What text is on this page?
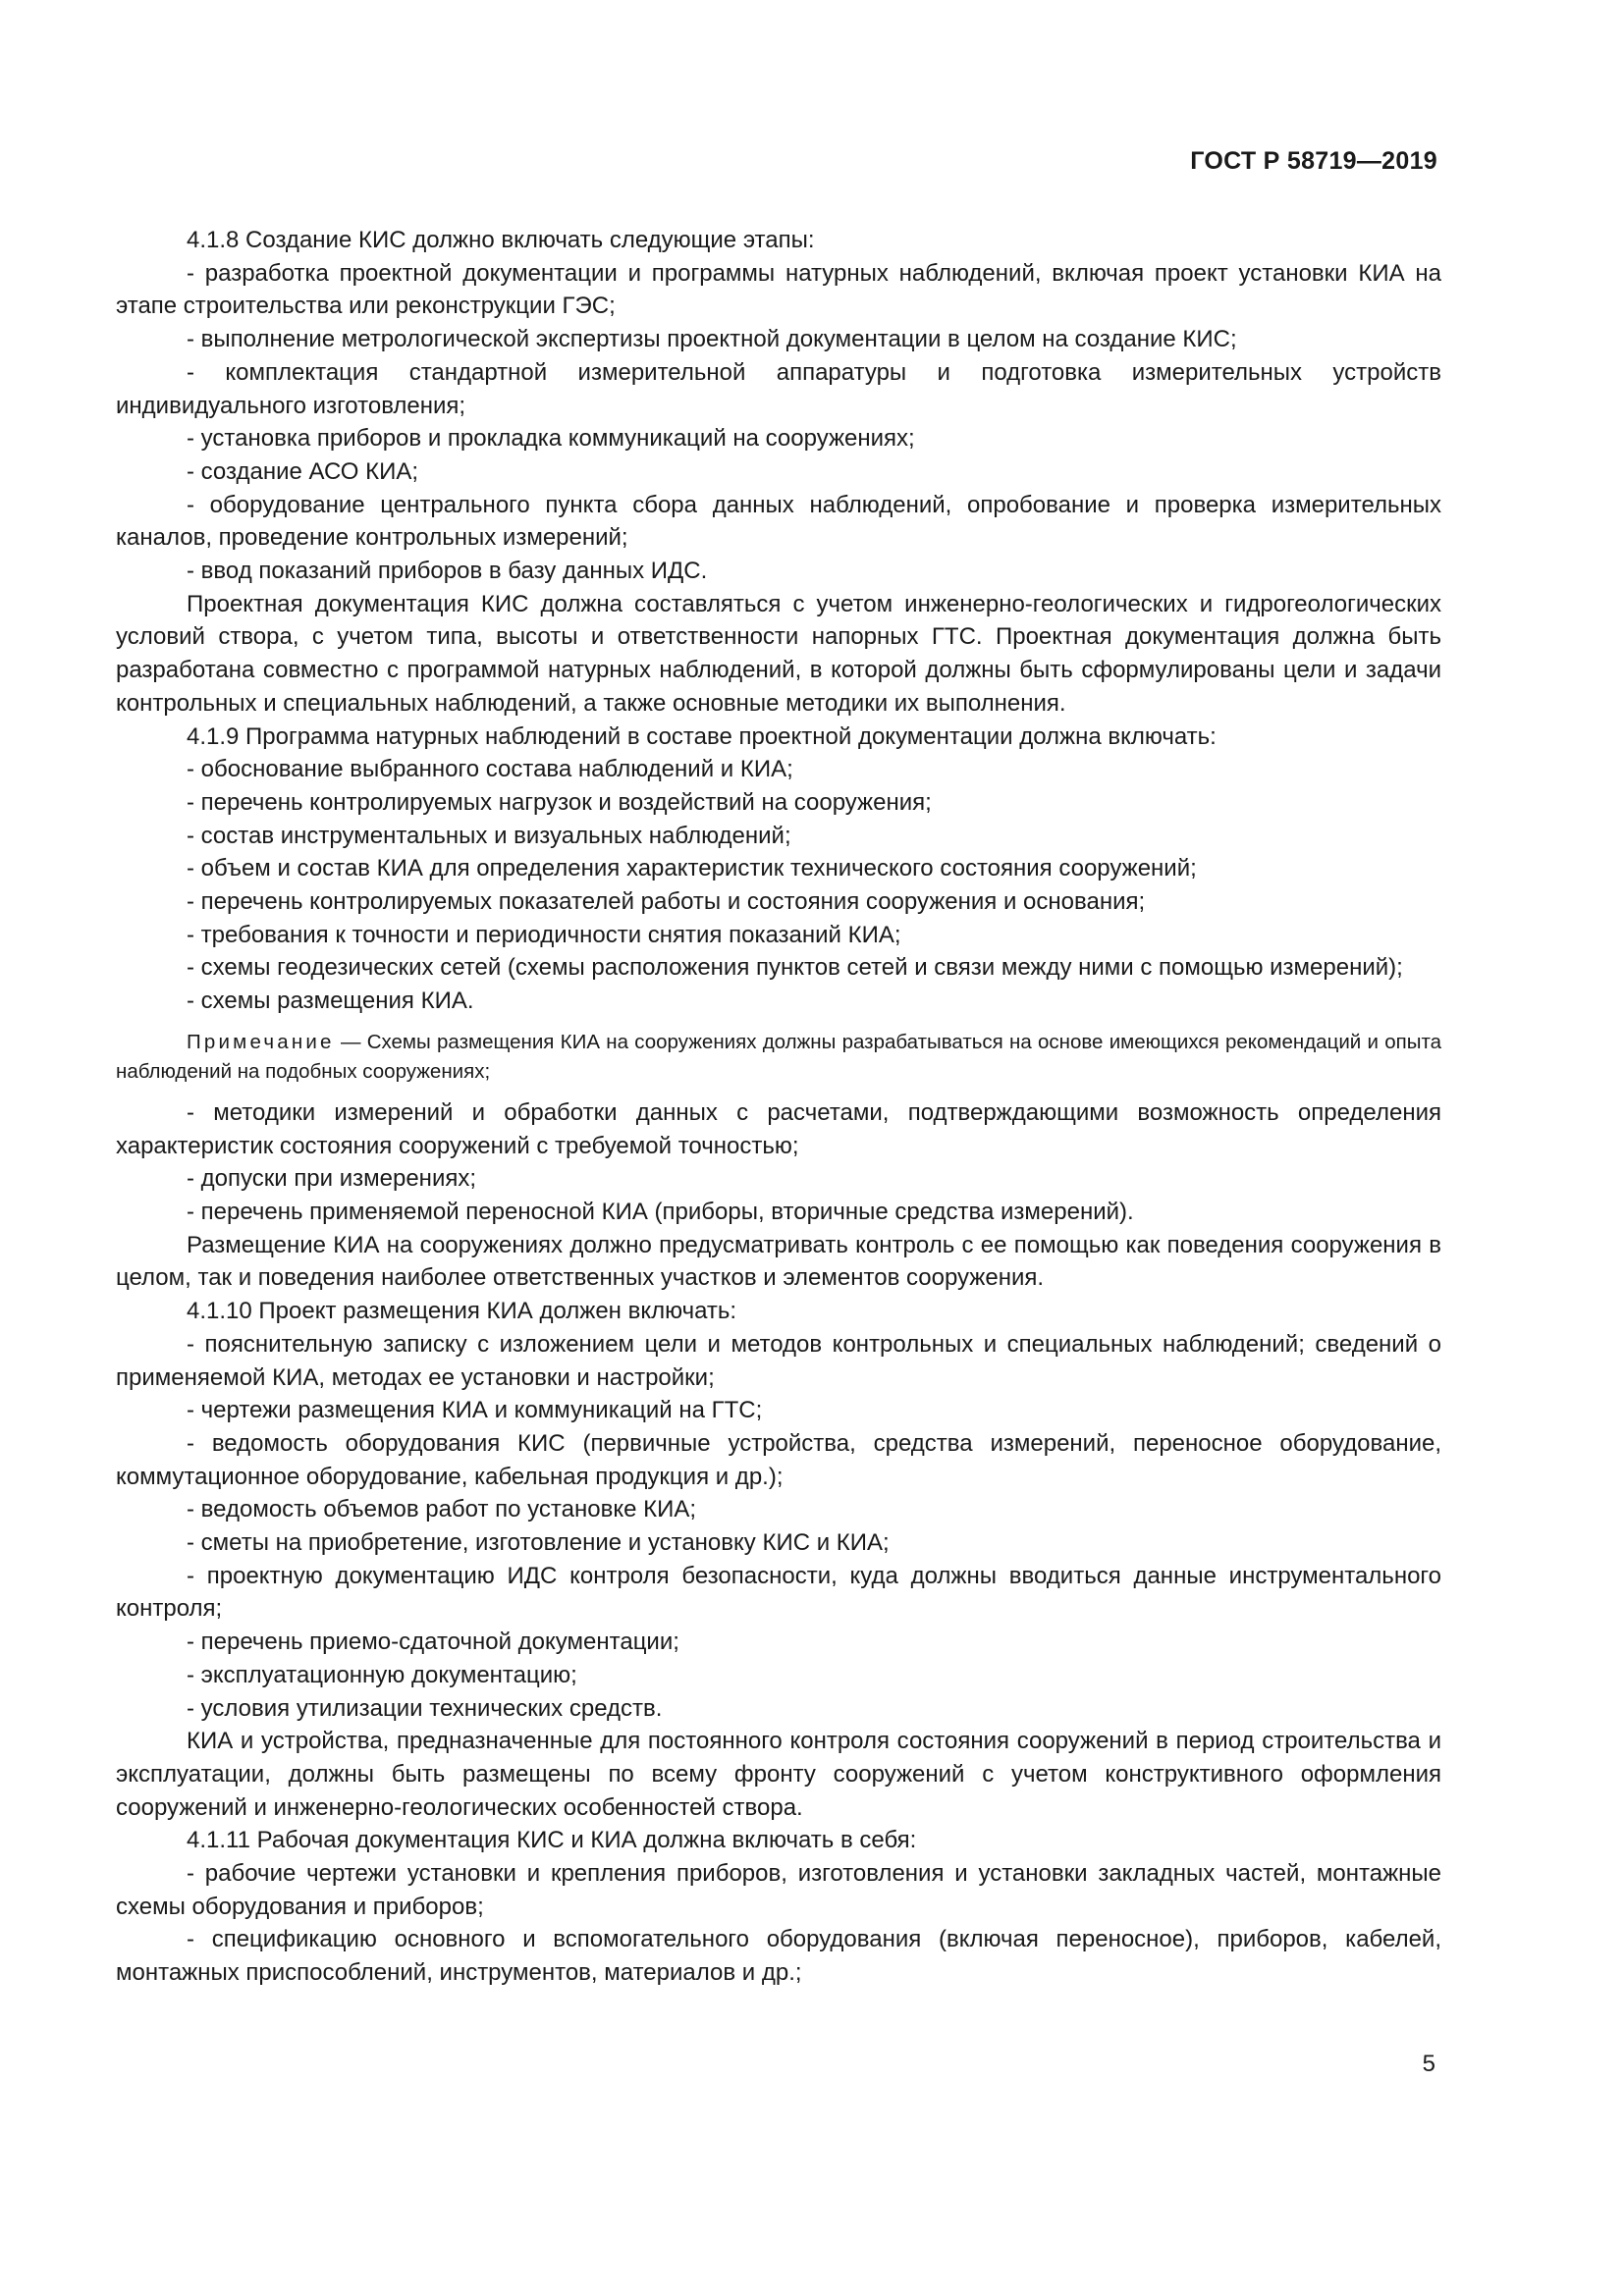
ГОСТ Р 58719—2019
4.1.8 Создание КИС должно включать следующие этапы:
- разработка проектной документации и программы натурных наблюдений, включая проект установки КИА на этапе строительства или реконструкции ГЭС;
- выполнение метрологической экспертизы проектной документации в целом на создание КИС;
- комплектация стандартной измерительной аппаратуры и подготовка измерительных устройств индивидуального изготовления;
- установка приборов и прокладка коммуникаций на сооружениях;
- создание АСО КИА;
- оборудование центрального пункта сбора данных наблюдений, опробование и проверка измерительных каналов, проведение контрольных измерений;
- ввод показаний приборов в базу данных ИДС.
Проектная документация КИС должна составляться с учетом инженерно-геологических и гидрогеологических условий створа, с учетом типа, высоты и ответственности напорных ГТС. Проектная документация должна быть разработана совместно с программой натурных наблюдений, в которой должны быть сформулированы цели и задачи контрольных и специальных наблюдений, а также основные методики их выполнения.
4.1.9 Программа натурных наблюдений в составе проектной документации должна включать:
- обоснование выбранного состава наблюдений и КИА;
- перечень контролируемых нагрузок и воздействий на сооружения;
- состав инструментальных и визуальных наблюдений;
- объем и состав КИА для определения характеристик технического состояния сооружений;
- перечень контролируемых показателей работы и состояния сооружения и основания;
- требования к точности и периодичности снятия показаний КИА;
- схемы геодезических сетей (схемы расположения пунктов сетей и связи между ними с помощью измерений);
- схемы размещения КИА.
Примечание — Схемы размещения КИА на сооружениях должны разрабатываться на основе имеющихся рекомендаций и опыта наблюдений на подобных сооружениях;
- методики измерений и обработки данных с расчетами, подтверждающими возможность определения характеристик состояния сооружений с требуемой точностью;
- допуски при измерениях;
- перечень применяемой переносной КИА (приборы, вторичные средства измерений).
Размещение КИА на сооружениях должно предусматривать контроль с ее помощью как поведения сооружения в целом, так и поведения наиболее ответственных участков и элементов сооружения.
4.1.10 Проект размещения КИА должен включать:
- пояснительную записку с изложением цели и методов контрольных и специальных наблюдений; сведений о применяемой КИА, методах ее установки и настройки;
- чертежи размещения КИА и коммуникаций на ГТС;
- ведомость оборудования КИС (первичные устройства, средства измерений, переносное оборудование, коммутационное оборудование, кабельная продукция и др.);
- ведомость объемов работ по установке КИА;
- сметы на приобретение, изготовление и установку КИС и КИА;
- проектную документацию ИДС контроля безопасности, куда должны вводиться данные инструментального контроля;
- перечень приемо-сдаточной документации;
- эксплуатационную документацию;
- условия утилизации технических средств.
КИА и устройства, предназначенные для постоянного контроля состояния сооружений в период строительства и эксплуатации, должны быть размещены по всему фронту сооружений с учетом конструктивного оформления сооружений и инженерно-геологических особенностей створа.
4.1.11 Рабочая документация КИС и КИА должна включать в себя:
- рабочие чертежи установки и крепления приборов, изготовления и установки закладных частей, монтажные схемы оборудования и приборов;
- спецификацию основного и вспомогательного оборудования (включая переносное), приборов, кабелей, монтажных приспособлений, инструментов, материалов и др.;
5
